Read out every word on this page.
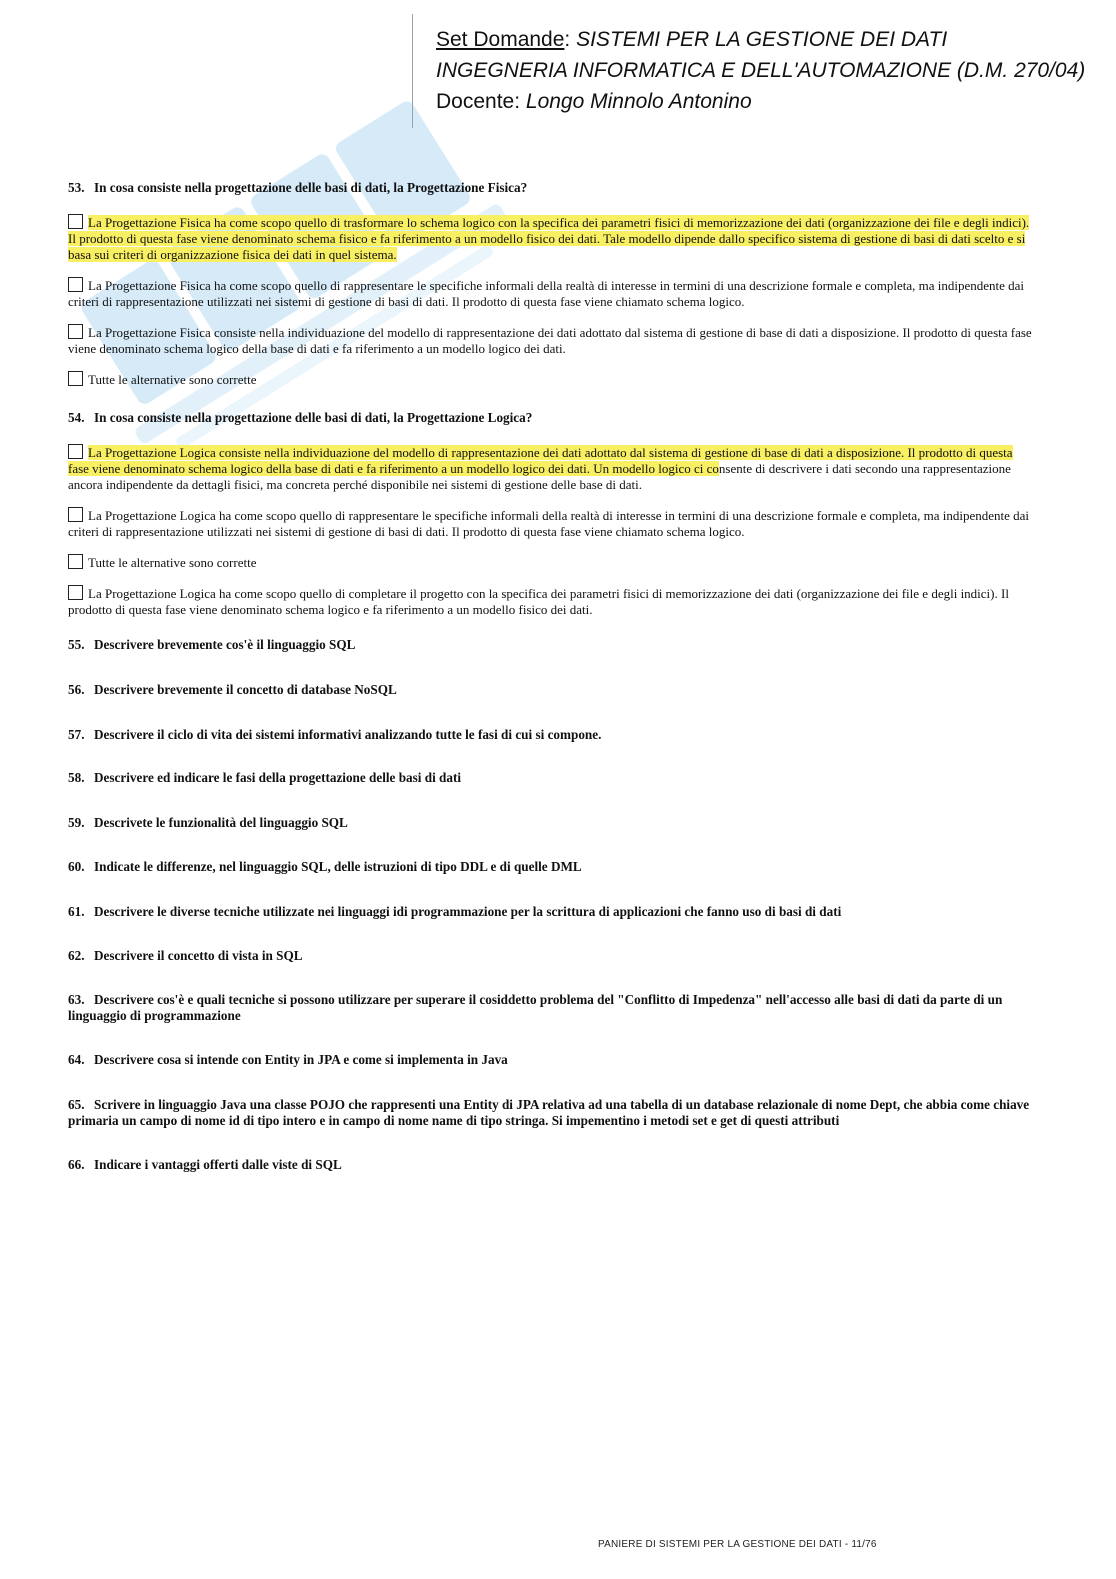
Set Domande: SISTEMI PER LA GESTIONE DEI DATI
INGEGNERIA INFORMATICA E DELL'AUTOMAZIONE (D.M. 270/04)
Docente: Longo Minnolo Antonino
53. In cosa consiste nella progettazione delle basi di dati, la Progettazione Fisica?
La Progettazione Fisica ha come scopo quello di trasformare lo schema logico con la specifica dei parametri fisici di memorizzazione dei dati (organizzazione dei file e degli indici). Il prodotto di questa fase viene denominato schema fisico e fa riferimento a un modello fisico dei dati. Tale modello dipende dallo specifico sistema di gestione di basi di dati scelto e si basa sui criteri di organizzazione fisica dei dati in quel sistema.
La Progettazione Fisica ha come scopo quello di rappresentare le specifiche informali della realtà di interesse in termini di una descrizione formale e completa, ma indipendente dai criteri di rappresentazione utilizzati nei sistemi di gestione di basi di dati. Il prodotto di questa fase viene chiamato schema logico.
La Progettazione Fisica consiste nella individuazione del modello di rappresentazione dei dati adottato dal sistema di gestione di base di dati a disposizione. Il prodotto di questa fase viene denominato schema logico della base di dati e fa riferimento a un modello logico dei dati.
Tutte le alternative sono corrette
54. In cosa consiste nella progettazione delle basi di dati, la Progettazione Logica?
La Progettazione Logica consiste nella individuazione del modello di rappresentazione dei dati adottato dal sistema di gestione di base di dati a disposizione. Il prodotto di questa fase viene denominato schema logico della base di dati e fa riferimento a un modello logico dei dati. Un modello logico ci consente di descrivere i dati secondo una rappresentazione ancora indipendente da dettagli fisici, ma concreta perché disponibile nei sistemi di gestione delle base di dati.
La Progettazione Logica ha come scopo quello di rappresentare le specifiche informali della realtà di interesse in termini di una descrizione formale e completa, ma indipendente dai criteri di rappresentazione utilizzati nei sistemi di gestione di basi di dati. Il prodotto di questa fase viene chiamato schema logico.
Tutte le alternative sono corrette
La Progettazione Logica ha come scopo quello di completare il progetto con la specifica dei parametri fisici di memorizzazione dei dati (organizzazione dei file e degli indici). Il prodotto di questa fase viene denominato schema logico e fa riferimento a un modello fisico dei dati.
55. Descrivere brevemente cos'è il linguaggio SQL
56. Descrivere brevemente il concetto di database NoSQL
57. Descrivere il ciclo di vita dei sistemi informativi analizzando tutte le fasi di cui si compone.
58. Descrivere ed indicare le fasi della progettazione delle basi di dati
59. Descrivete le funzionalità del linguaggio SQL
60. Indicate le differenze, nel linguaggio SQL, delle istruzioni di tipo DDL e di quelle DML
61. Descrivere le diverse tecniche utilizzate nei linguaggi idi programmazione per la scrittura di applicazioni che fanno uso di basi di dati
62. Descrivere il concetto di vista in SQL
63. Descrivere cos'è e quali tecniche si possono utilizzare per superare il cosiddetto problema del "Conflitto di Impedenza" nell'accesso alle basi di dati da parte di un linguaggio di programmazione
64. Descrivere cosa si intende con Entity in JPA e come si implementa in Java
65. Scrivere in linguaggio Java una classe POJO che rappresenti una Entity di JPA relativa ad una tabella di un database relazionale di nome Dept, che abbia come chiave primaria un campo di nome id di tipo intero e in campo di nome name di tipo stringa. Si impementino i metodi set e get di questi attributi
66. Indicare i vantaggi offerti dalle viste di SQL
PANIERE DI SISTEMI PER LA GESTIONE DEI DATI - 11/76
